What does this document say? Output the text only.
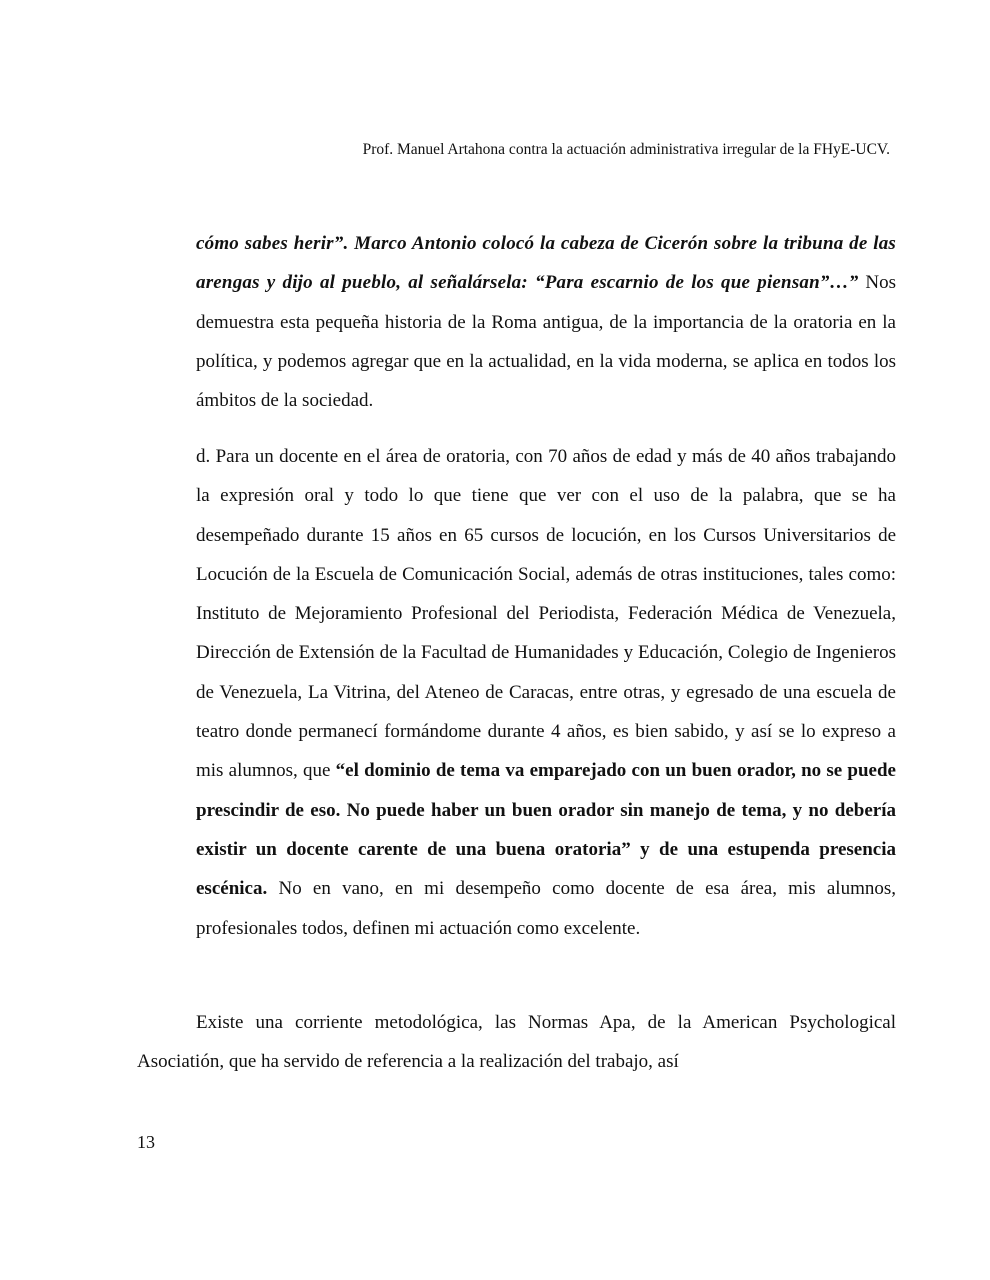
Prof. Manuel Artahona contra la actuación administrativa irregular de la FHyE-UCV.
cómo sabes herir”. Marco Antonio colocó la cabeza de Cicerón sobre la tribuna de las arengas y dijo al pueblo, al señalársela: “Para escarnio de los que piensan”…” Nos demuestra esta pequeña historia de la Roma antigua, de la importancia de la oratoria en la política, y podemos agregar que en la actualidad, en la vida moderna, se aplica en todos los ámbitos de la sociedad.
d. Para un docente en el área de oratoria, con 70 años de edad y más de 40 años trabajando la expresión oral y todo lo que tiene que ver con el uso de la palabra, que se ha desempeñado durante 15 años en 65 cursos de locución, en los Cursos Universitarios de Locución de la Escuela de Comunicación Social, además de otras instituciones, tales como: Instituto de Mejoramiento Profesional del Periodista, Federación Médica de Venezuela, Dirección de Extensión de la Facultad de Humanidades y Educación, Colegio de Ingenieros de Venezuela, La Vitrina, del Ateneo de Caracas, entre otras, y egresado de una escuela de teatro donde permanecí formándome durante 4 años, es bien sabido, y así se lo expreso a mis alumnos, que “el dominio de tema va emparejado con un buen orador, no se puede prescindir de eso. No puede haber un buen orador sin manejo de tema, y no debería existir un docente carente de una buena oratoria” y de una estupenda presencia escénica. No en vano, en mi desempeño como docente de esa área, mis alumnos, profesionales todos, definen mi actuación como excelente.
Existe una corriente metodológica, las Normas Apa, de la American Psychological Asociatión, que ha servido de referencia a la realización del trabajo, así
13
